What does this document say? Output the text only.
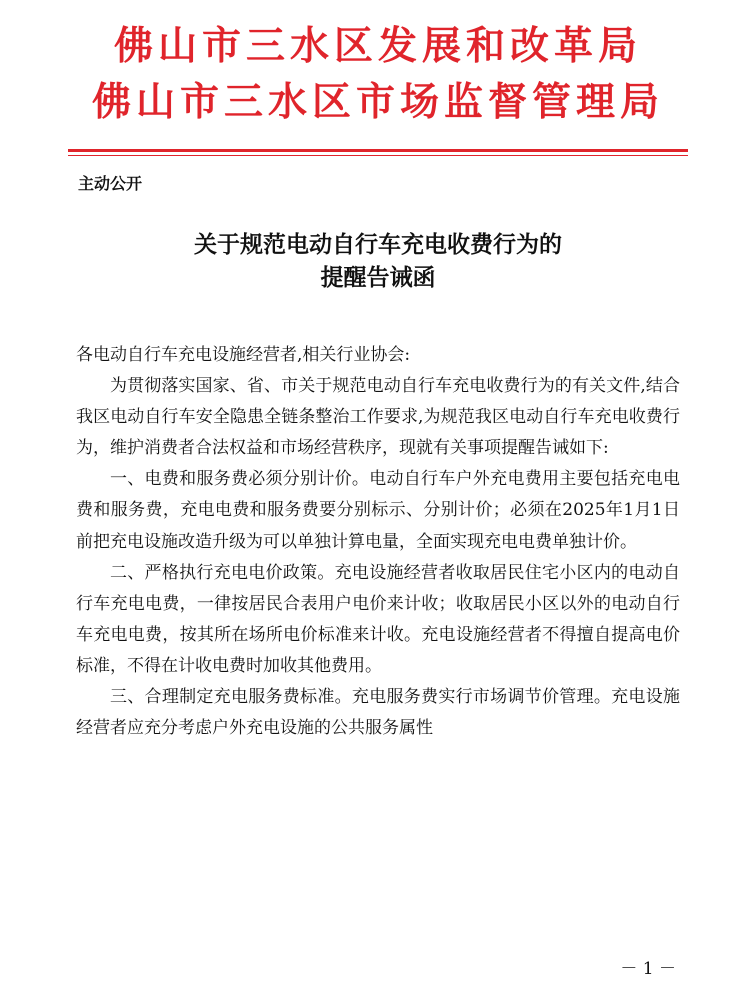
佛山市三水区发展和改革局
佛山市三水区市场监督管理局
主动公开
关于规范电动自行车充电收费行为的
提醒告诫函

各电动自行车充电设施经营者,相关行业协会:

为贯彻落实国家、省、市关于规范电动自行车充电收费行为的有关文件,结合我区电动自行车安全隐患全链条整治工作要求,为规范我区电动自行车充电收费行为，维护消费者合法权益和市场经营秩序，现就有关事项提醒告诫如下:

一、电费和服务费必须分别计价。电动自行车户外充电费用主要包括充电电费和服务费，充电电费和服务费要分别标示、分别计价；必须在2025年1月1日前把充电设施改造升级为可以单独计算电量，全面实现充电电费单独计价。

二、严格执行充电电价政策。充电设施经营者收取居民住宅小区内的电动自行车充电电费，一律按居民合表用户电价来计收；收取居民小区以外的电动自行车充电电费，按其所在场所电价标准来计收。充电设施经营者不得擅自提高电价标准，不得在计收电费时加收其他费用。

三、合理制定充电服务费标准。充电服务费实行市场调节价管理。充电设施经营者应充分考虑户外充电设施的公共服务属性

－ 1 －
